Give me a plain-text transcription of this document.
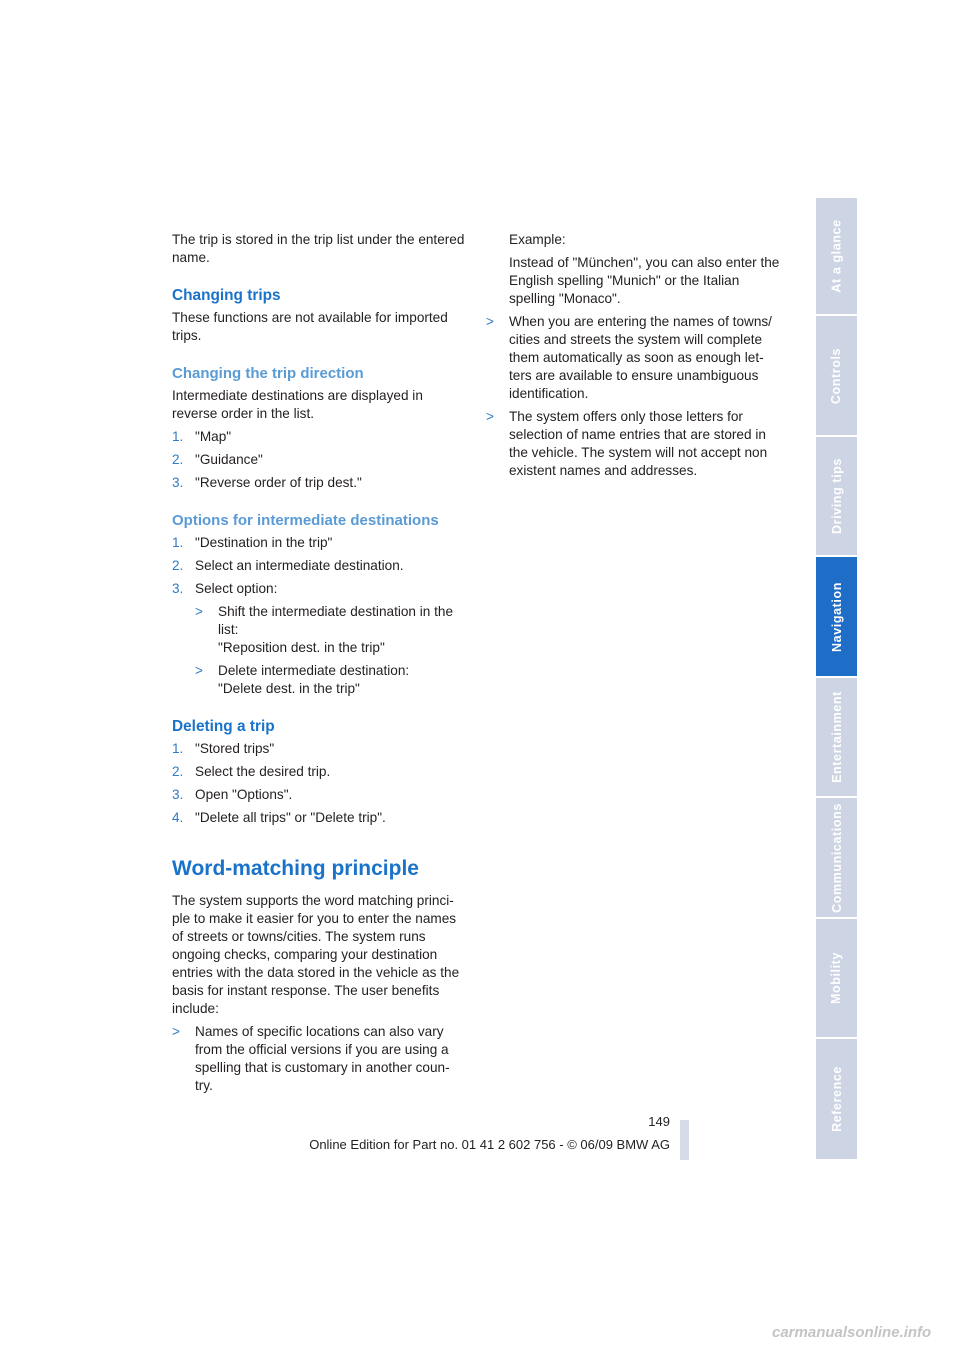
The trip is stored in the trip list under the entered name.

Changing trips

These functions are not available for imported trips.

Changing the trip direction

Intermediate destinations are displayed in reverse order in the list.

1. "Map"
2. "Guidance"
3. "Reverse order of trip dest."
Options for intermediate destinations
1. "Destination in the trip"
2. Select an intermediate destination.
3. Select option:
>	Shift the intermediate destination in the list:
"Reposition dest. in the trip"
>	Delete intermediate destination:
"Delete dest. in the trip"
Deleting a trip
1. "Stored trips"
2. Select the desired trip.
3. Open "Options".
4. "Delete all trips" or "Delete trip".
Word-matching principle

The system supports the word matching princi-ple to make it easier for you to enter the names of streets or towns/cities. The system runs ongoing checks, comparing your destination entries with the data stored in the vehicle as the basis for instant response. The user benefits include:

>	Names of specific locations can also vary from the official versions if you are using a spelling that is customary in another coun-try.

Example:

Instead of "München", you can also enter the English spelling "Munich" or the Italian spelling "Monaco".

>	When you are entering the names of towns/ cities and streets the system will complete them automatically as soon as enough let-ters are available to ensure unambiguous identification.
>	The system offers only those letters for selection of name entries that are stored in the vehicle. The system will not accept non existent names and addresses.
At a glance
Controls
Driving tips
Navigation
Entertainment
Communications
Mobility
Reference
149
Online Edition for Part no. 01 41 2 602 756 - © 06/09 BMW AG
carmanualsonline.info
